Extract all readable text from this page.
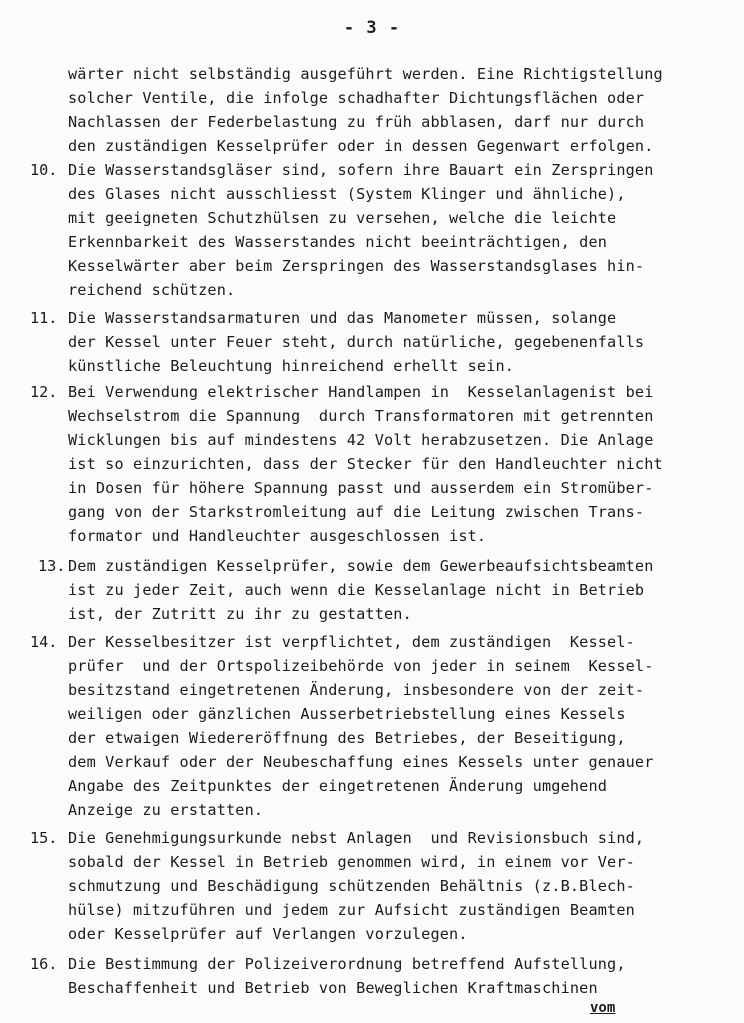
- 3 -
wärter nicht selbständig ausgeführt werden. Eine Richtigstellung
solcher Ventile, die infolge schadhafter Dichtungsflächen oder
Nachlassen der Federbelastung zu früh abblasen, darf nur durch
den zuständigen Kesselprüfer oder in dessen Gegenwart erfolgen.
10. Die Wasserstandsgläser sind, sofern ihre Bauart ein Zerspringen
des Glases nicht ausschliesst (System Klinger und ähnliche),
mit geeigneten Schutzhülsen zu versehen, welche die leichte
Erkennbarkeit des Wasserstandes nicht beeinträchtigen, den
Kesselwärter aber beim Zerspringen des Wasserstandsglases hin-
reichend schützen.
11. Die Wasserstandsarmaturen und das Manometer müssen, solange
der Kessel unter Feuer steht, durch natürliche, gegebenenfalls
künstliche Beleuchtung hinreichend erhellt sein.
12. Bei Verwendung elektrischer Handlampen in  Kesselanlagenist bei
Wechselstrom die Spannung  durch Transformatoren mit getrennten
Wicklungen bis auf mindestens 42 Volt herabzusetzen. Die Anlage
ist so einzurichten, dass der Stecker für den Handleuchter nicht
in Dosen für höhere Spannung passt und ausserdem ein Stromüber-
gang von der Starkstromleitung auf die Leitung zwischen Trans-
formator und Handleuchter ausgeschlossen ist.
13. Dem zuständigen Kesselprüfer, sowie dem Gewerbeaufsichtsbeamten
ist zu jeder Zeit, auch wenn die Kesselanlage nicht in Betrieb
ist, der Zutritt zu ihr zu gestatten.
14. Der Kesselbesitzer ist verpflichtet, dem zuständigen  Kessel-
prüfer  und der Ortspolizeibehörde von jeder in seinem  Kessel-
besitzstand eingetretenen Änderung, insbesondere von der zeit-
weiligen oder gänzlichen Ausserbetriebstellung eines Kessels
der etwaigen Wiedereröffnung des Betriebes, der Beseitigung,
dem Verkauf oder der Neubeschaffung eines Kessels unter genauer
Angabe des Zeitpunktes der eingetretenen Änderung umgehend
Anzeige zu erstatten.
15. Die Genehmigungsurkunde nebst Anlagen  und Revisionsbuch sind,
sobald der Kessel in Betrieb genommen wird, in einem vor Ver-
schmutzung und Beschädigung schützenden Behältnis (z.B.Blech-
hülse) mitzuführen und jedem zur Aufsicht zuständigen Beamten
oder Kesselprüfer auf Verlangen vorzulegen.
16. Die Bestimmung der Polizeiverordnung betreffend Aufstellung,
Beschaffenheit und Betrieb von Beweglichen Kraftmaschinen
vom
